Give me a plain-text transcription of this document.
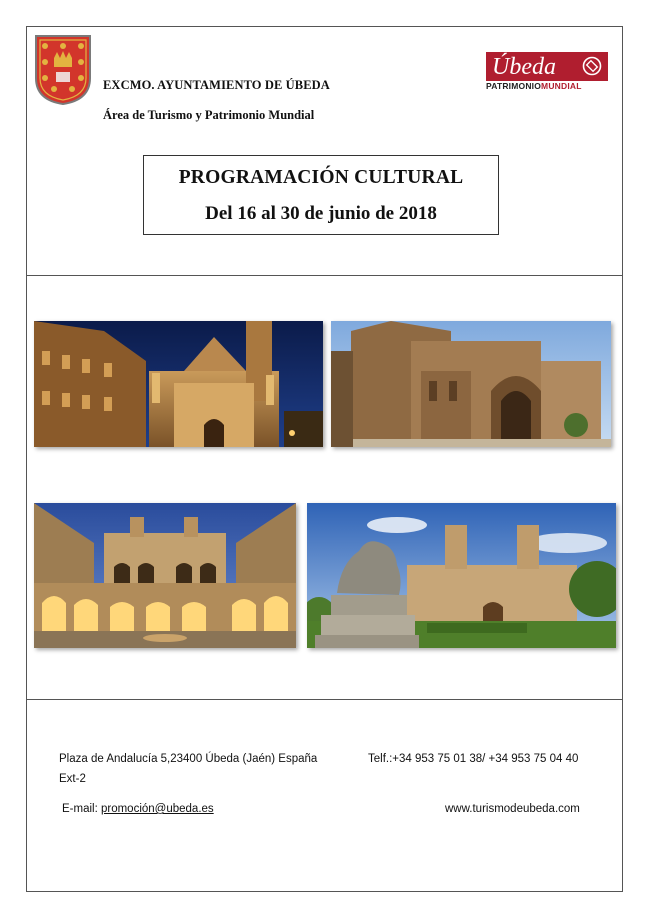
EXCMO. AYUNTAMIENTO DE ÚBEDA
Área de Turismo y Patrimonio Mundial
Úbeda
PATRIMONIOMUNDIAL
PROGRAMACIÓN CULTURAL
Del 16 al 30 de junio de 2018
Plaza de Andalucía 5,23400 Úbeda (Jaén) España	Telf.:+34 953 75 01 38/ +34 953 75 04 40
Ext-2
E-mail: promoción@ubeda.es	www.turismodeubeda.com
